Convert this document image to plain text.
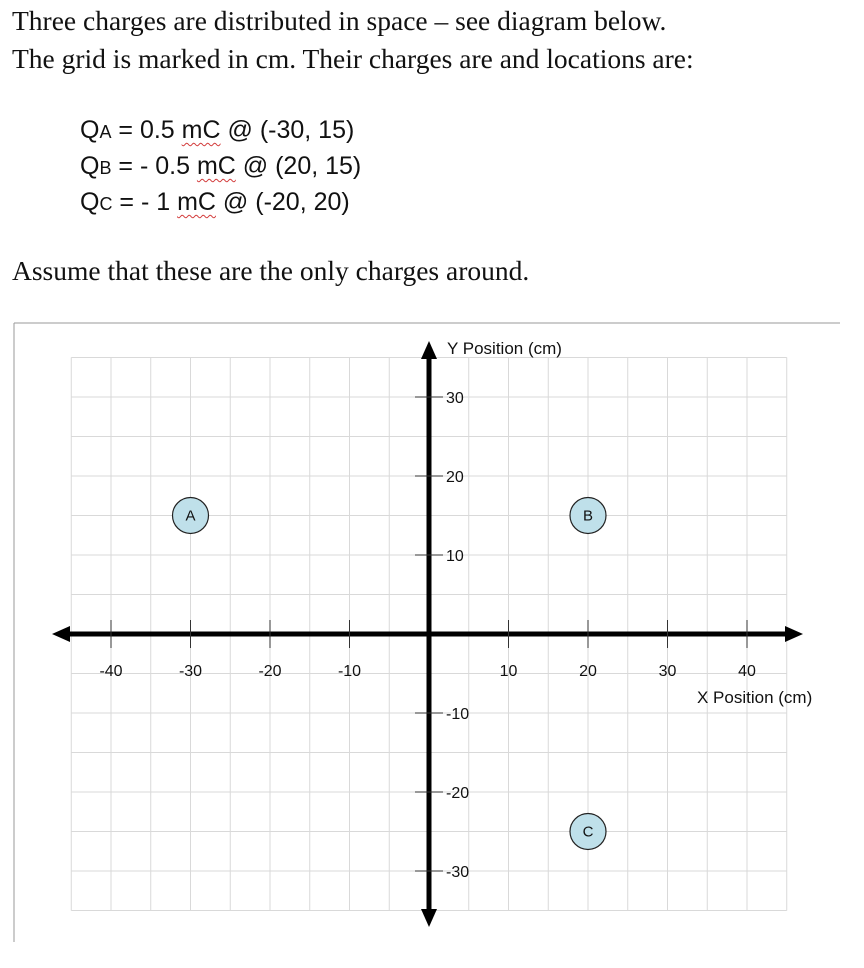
Three charges are distributed in space – see diagram below.
The grid is marked in cm. Their charges are and locations are:
QA = 0.5 mC @ (-30, 15)
QB = - 0.5 mC @ (20, 15)
QC = - 1 mC @ (-20, 20)
Assume that these are the only charges around.
-40	-30	-20	-10	10	20	30	40
30
20
10
-10
-20
-30
A	B
C
Y Position (cm)
X Position (cm)
